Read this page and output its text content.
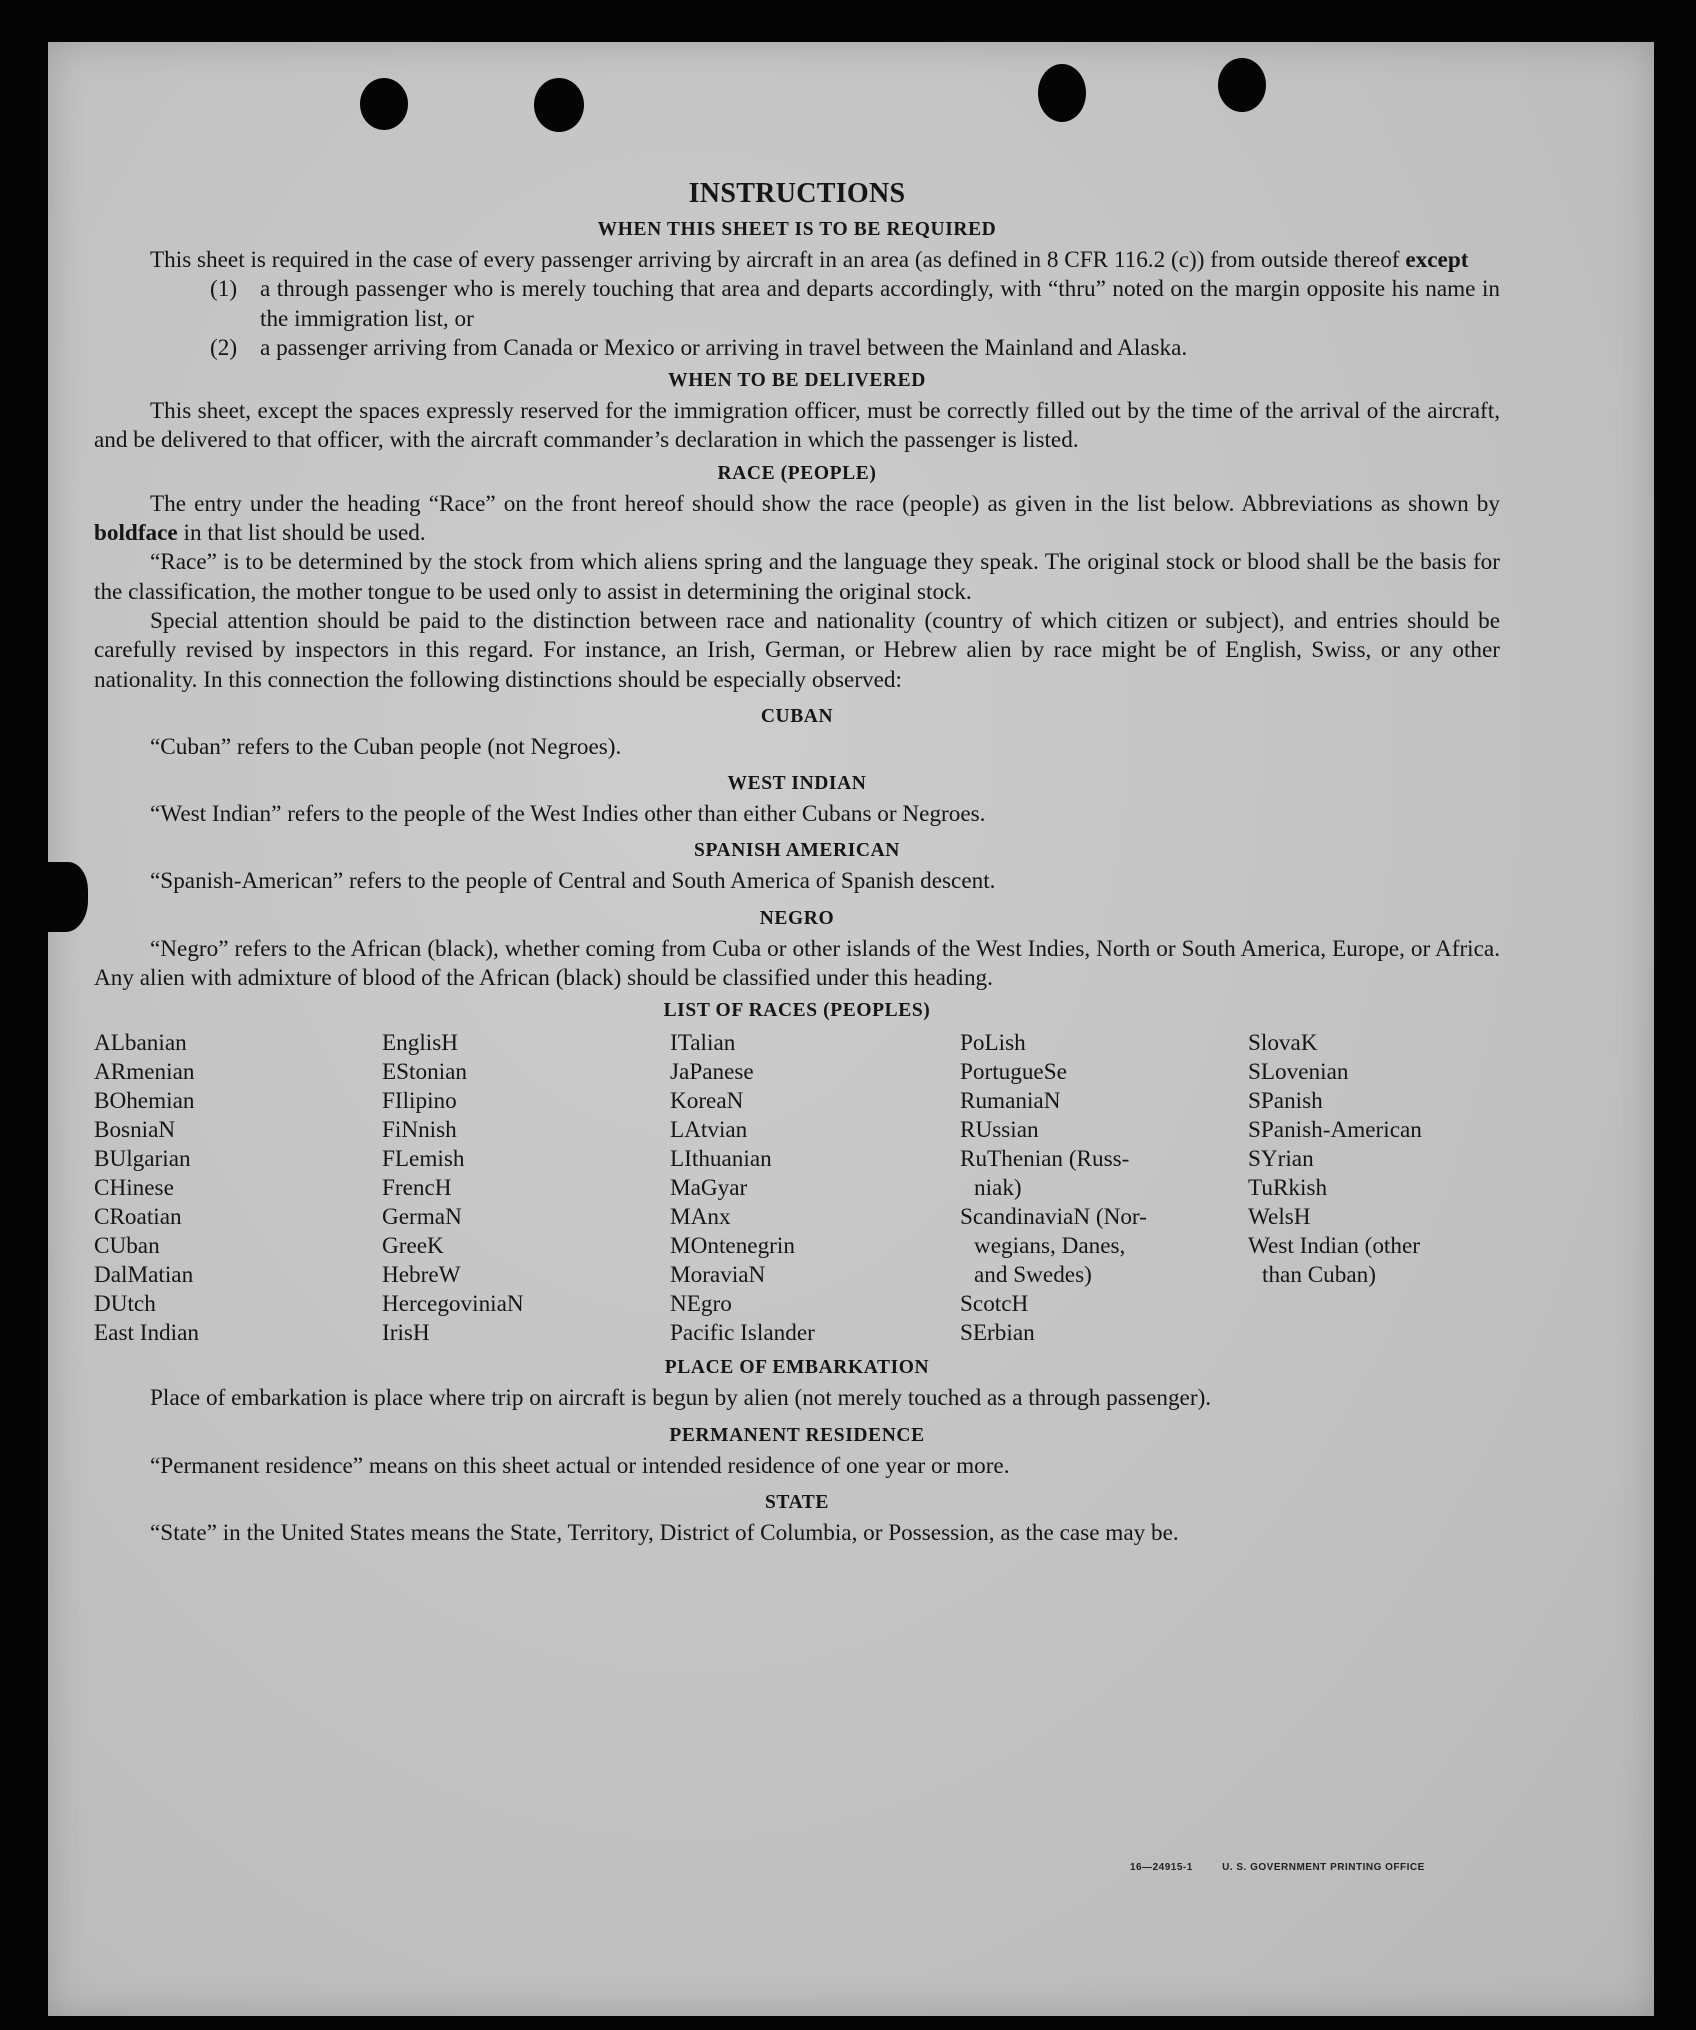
INSTRUCTIONS
WHEN THIS SHEET IS TO BE REQUIRED

This sheet is required in the case of every passenger arriving by aircraft in an area (as defined in 8 CFR 116.2 (c)) from outside thereof except

(1) a through passenger who is merely touching that area and departs accordingly, with “thru” noted on the margin opposite his name in the immigration list, or
(2) a passenger arriving from Canada or Mexico or arriving in travel between the Mainland and Alaska.
WHEN TO BE DELIVERED

This sheet, except the spaces expressly reserved for the immigration officer, must be correctly filled out by the time of the arrival of the aircraft, and be delivered to that officer, with the aircraft commander’s declaration in which the passenger is listed.

RACE (PEOPLE)

The entry under the heading “Race” on the front hereof should show the race (people) as given in the list below. Abbreviations as shown by boldface in that list should be used.

“Race” is to be determined by the stock from which aliens spring and the language they speak. The original stock or blood shall be the basis for the classification, the mother tongue to be used only to assist in determining the original stock.

Special attention should be paid to the distinction between race and nationality (country of which citizen or subject), and entries should be carefully revised by inspectors in this regard. For instance, an Irish, German, or Hebrew alien by race might be of English, Swiss, or any other nationality. In this connection the following distinctions should be especially observed:

CUBAN

“Cuban” refers to the Cuban people (not Negroes).

WEST INDIAN

“West Indian” refers to the people of the West Indies other than either Cubans or Negroes.

SPANISH AMERICAN

“Spanish-American” refers to the people of Central and South America of Spanish descent.

NEGRO

“Negro” refers to the African (black), whether coming from Cuba or other islands of the West Indies, North or South America, Europe, or Africa. Any alien with admixture of blood of the African (black) should be classified under this heading.

LIST OF RACES (PEOPLES)
ALbanian
ARmenian
BOhemian
BosniaN
BUlgarian
CHinese
CRoatian
CUban
DalMatian
DUtch
East Indian
EnglisH
EStonian
FIlipino
FiNnish
FLemish
FrencH
GermaN
GreeK
HebreW
HercegoviniaN
IrisH
ITalian
JaPanese
KoreaN
LAtvian
LIthuanian
MaGyar
MAnx
MOntenegrin
MoraviaN
NEgro
Pacific Islander
PoLish
PortugueSe
RumaniaN
RUssian
RuThenian (Russ-
niak)
ScandinaviaN (Nor-
wegians, Danes,
and Swedes)
ScotcH
SErbian
SlovaK
SLovenian
SPanish
SPanish-American
SYrian
TuRkish
WelsH
West Indian (other
than Cuban)
PLACE OF EMBARKATION

Place of embarkation is place where trip on aircraft is begun by alien (not merely touched as a through passenger).

PERMANENT RESIDENCE

“Permanent residence” means on this sheet actual or intended residence of one year or more.

STATE

“State” in the United States means the State, Territory, District of Columbia, or Possession, as the case may be.

16—24915-1	U. S. GOVERNMENT PRINTING OFFICE
